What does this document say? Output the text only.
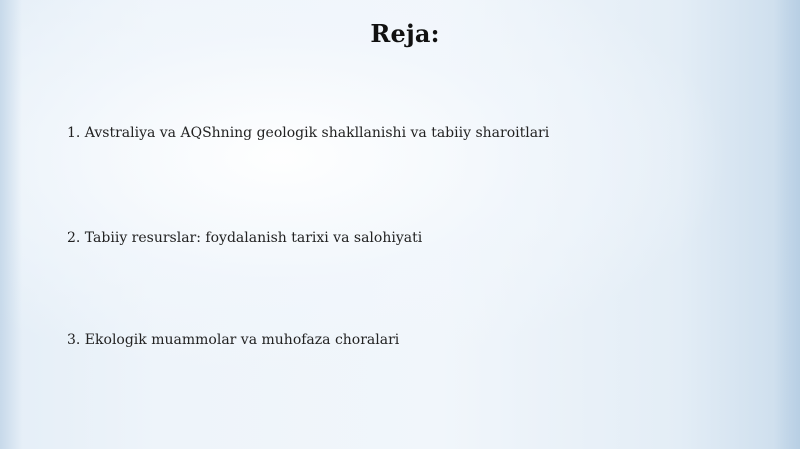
Reja:
1. Avstraliya va AQShning geologik shakllanishi va tabiiy sharoitlari
2. Tabiiy resurslar: foydalanish tarixi va salohiyati
3. Ekologik muammolar va muhofaza choralari
